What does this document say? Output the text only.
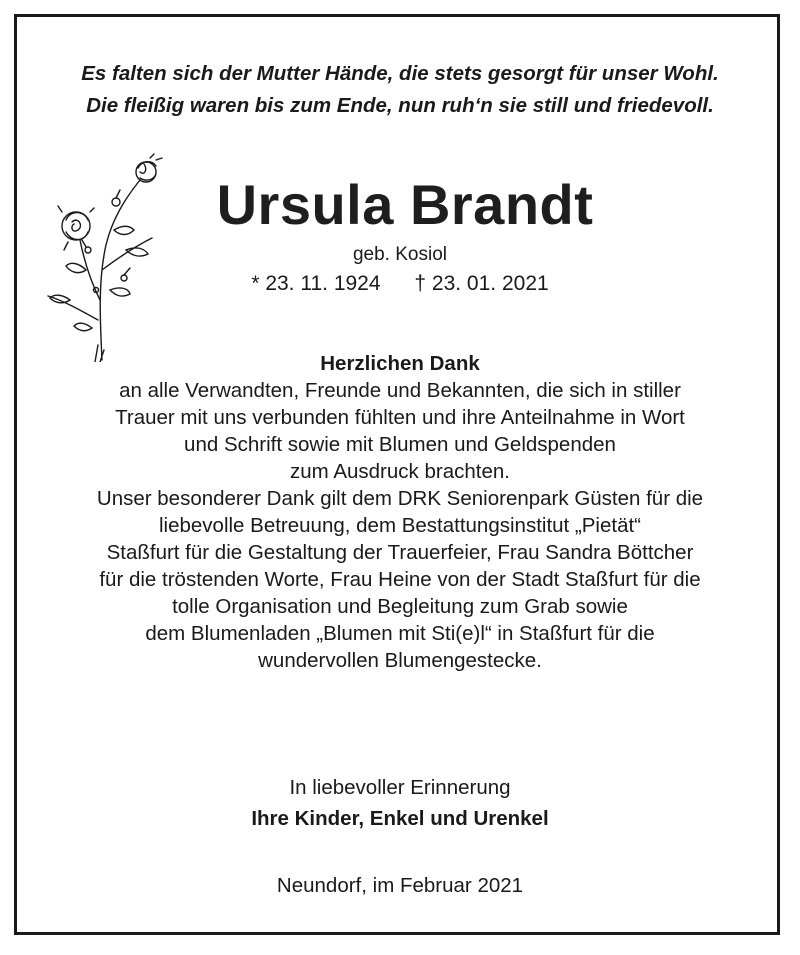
Es falten sich der Mutter Hände, die stets gesorgt für unser Wohl.
Die fleißig waren bis zum Ende, nun ruh‘n sie still und friedevoll.
Ursula Brandt
geb. Kosiol
* 23. 11. 1924 † 23. 01. 2021
Herzlichen Dank
an alle Verwandten, Freunde und Bekannten, die sich in stiller
Trauer mit uns verbunden fühlten und ihre Anteilnahme in Wort
und Schrift sowie mit Blumen und Geldspenden
zum Ausdruck brachten.
Unser besonderer Dank gilt dem DRK Seniorenpark Güsten für die
liebevolle Betreuung, dem Bestattungsinstitut „Pietät“
Staßfurt für die Gestaltung der Trauerfeier, Frau Sandra Böttcher
für die tröstenden Worte, Frau Heine von der Stadt Staßfurt für die
tolle Organisation und Begleitung zum Grab sowie
dem Blumenladen „Blumen mit Sti(e)l“ in Staßfurt für die
wundervollen Blumengestecke.
In liebevoller Erinnerung
Ihre Kinder, Enkel und Urenkel
Neundorf, im Februar 2021
